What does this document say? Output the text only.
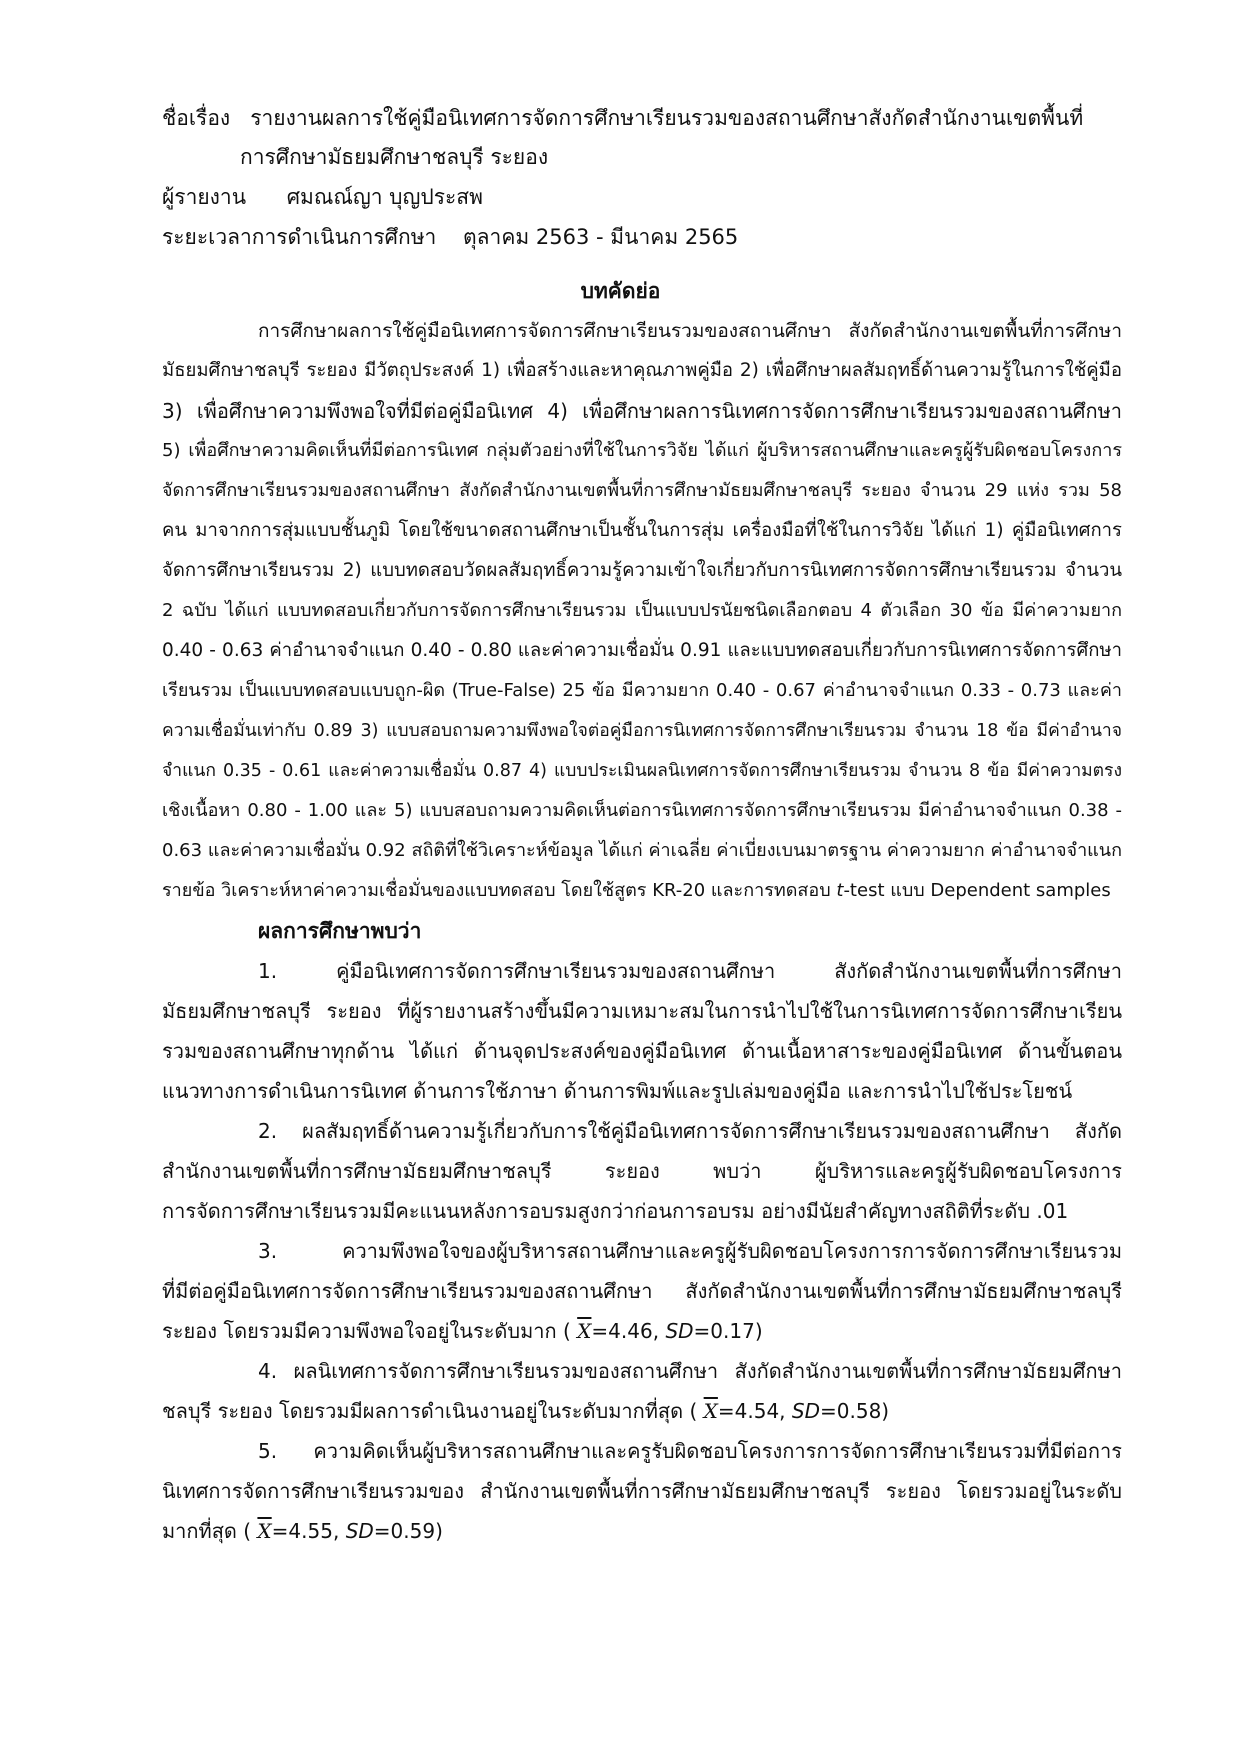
ชื่อเรื่อง รายงานผลการใช้คู่มือนิเทศการจัดการศึกษาเรียนรวมของสถานศึกษาสังกัดสำนักงานเขตพื้นที่
การศึกษามัธยมศึกษาชลบุรี ระยอง
ผู้รายงาน ศมณณ์ญา บุญประสพ
ระยะเวลาการดำเนินการศึกษา ตุลาคม 2563 - มีนาคม 2565
บทคัดย่อ
การศึกษาผลการใช้คู่มือนิเทศการจัดการศึกษาเรียนรวมของสถานศึกษา สังกัดสำนักงานเขตพื้นที่การศึกษา
มัธยมศึกษาชลบุรี ระยอง มีวัตถุประสงค์ 1) เพื่อสร้างและหาคุณภาพคู่มือ 2) เพื่อศึกษาผลสัมฤทธิ์ด้านความรู้ในการใช้คู่มือ
3) เพื่อศึกษาความพึงพอใจที่มีต่อคู่มือนิเทศ 4) เพื่อศึกษาผลการนิเทศการจัดการศึกษาเรียนรวมของสถานศึกษา
5) เพื่อศึกษาความคิดเห็นที่มีต่อการนิเทศ กลุ่มตัวอย่างที่ใช้ในการวิจัย ได้แก่ ผู้บริหารสถานศึกษาและครูผู้รับผิดชอบโครงการ
จัดการศึกษาเรียนรวมของสถานศึกษา สังกัดสำนักงานเขตพื้นที่การศึกษามัธยมศึกษาชลบุรี ระยอง จำนวน 29 แห่ง รวม 58
คน มาจากการสุ่มแบบชั้นภูมิ โดยใช้ขนาดสถานศึกษาเป็นชั้นในการสุ่ม เครื่องมือที่ใช้ในการวิจัย ได้แก่ 1) คู่มือนิเทศการ
จัดการศึกษาเรียนรวม 2) แบบทดสอบวัดผลสัมฤทธิ์ความรู้ความเข้าใจเกี่ยวกับการนิเทศการจัดการศึกษาเรียนรวม จำนวน
2 ฉบับ ได้แก่ แบบทดสอบเกี่ยวกับการจัดการศึกษาเรียนรวม เป็นแบบปรนัยชนิดเลือกตอบ 4 ตัวเลือก 30 ข้อ มีค่าความยาก
0.40 - 0.63 ค่าอำนาจจำแนก 0.40 - 0.80 และค่าความเชื่อมั่น 0.91 และแบบทดสอบเกี่ยวกับการนิเทศการจัดการศึกษา
เรียนรวม เป็นแบบทดสอบแบบถูก-ผิด (True-False) 25 ข้อ มีความยาก 0.40 - 0.67 ค่าอำนาจจำแนก 0.33 - 0.73 และค่า
ความเชื่อมั่นเท่ากับ 0.89 3) แบบสอบถามความพึงพอใจต่อคู่มือการนิเทศการจัดการศึกษาเรียนรวม จำนวน 18 ข้อ มีค่าอำนาจ
จำแนก 0.35 - 0.61 และค่าความเชื่อมั่น 0.87 4) แบบประเมินผลนิเทศการจัดการศึกษาเรียนรวม จำนวน 8 ข้อ มีค่าความตรง
เชิงเนื้อหา 0.80 - 1.00 และ 5) แบบสอบถามความคิดเห็นต่อการนิเทศการจัดการศึกษาเรียนรวม มีค่าอำนาจจำแนก 0.38 -
0.63 และค่าความเชื่อมั่น 0.92 สถิติที่ใช้วิเคราะห์ข้อมูล ได้แก่ ค่าเฉลี่ย ค่าเบี่ยงเบนมาตรฐาน ค่าความยาก ค่าอำนาจจำแนก
รายข้อ วิเคราะห์หาค่าความเชื่อมั่นของแบบทดสอบ โดยใช้สูตร KR-20 และการทดสอบ t-test แบบ Dependent samples
ผลการศึกษาพบว่า
1. คู่มือนิเทศการจัดการศึกษาเรียนรวมของสถานศึกษา สังกัดสำนักงานเขตพื้นที่การศึกษา
มัธยมศึกษาชลบุรี ระยอง ที่ผู้รายงานสร้างขึ้นมีความเหมาะสมในการนำไปใช้ในการนิเทศการจัดการศึกษาเรียน
รวมของสถานศึกษาทุกด้าน ได้แก่ ด้านจุดประสงค์ของคู่มือนิเทศ ด้านเนื้อหาสาระของคู่มือนิเทศ ด้านขั้นตอน
แนวทางการดำเนินการนิเทศ ด้านการใช้ภาษา ด้านการพิมพ์และรูปเล่มของคู่มือ และการนำไปใช้ประโยชน์
2. ผลสัมฤทธิ์ด้านความรู้เกี่ยวกับการใช้คู่มือนิเทศการจัดการศึกษาเรียนรวมของสถานศึกษา สังกัด
สำนักงานเขตพื้นที่การศึกษามัธยมศึกษาชลบุรี ระยอง พบว่า ผู้บริหารและครูผู้รับผิดชอบโครงการ
การจัดการศึกษาเรียนรวมมีคะแนนหลังการอบรมสูงกว่าก่อนการอบรม อย่างมีนัยสำคัญทางสถิติที่ระดับ .01
3. ความพึงพอใจของผู้บริหารสถานศึกษาและครูผู้รับผิดชอบโครงการการจัดการศึกษาเรียนรวม
ที่มีต่อคู่มือนิเทศการจัดการศึกษาเรียนรวมของสถานศึกษา สังกัดสำนักงานเขตพื้นที่การศึกษามัธยมศึกษาชลบุรี
ระยอง โดยรวมมีความพึงพอใจอยู่ในระดับมาก ( $\overline{X}=4.46$, SD=0.17)
4. ผลนิเทศการจัดการศึกษาเรียนรวมของสถานศึกษา สังกัดสำนักงานเขตพื้นที่การศึกษามัธยมศึกษา
ชลบุรี ระยอง โดยรวมมีผลการดำเนินงานอยู่ในระดับมากที่สุด ( $\overline{X}=4.54$, SD=0.58)
5. ความคิดเห็นผู้บริหารสถานศึกษาและครูรับผิดชอบโครงการการจัดการศึกษาเรียนรวมที่มีต่อการ
นิเทศการจัดการศึกษาเรียนรวมของ สำนักงานเขตพื้นที่การศึกษามัธยมศึกษาชลบุรี ระยอง โดยรวมอยู่ในระดับ
มากที่สุด ( $\overline{X}=4.55$, SD=0.59)
